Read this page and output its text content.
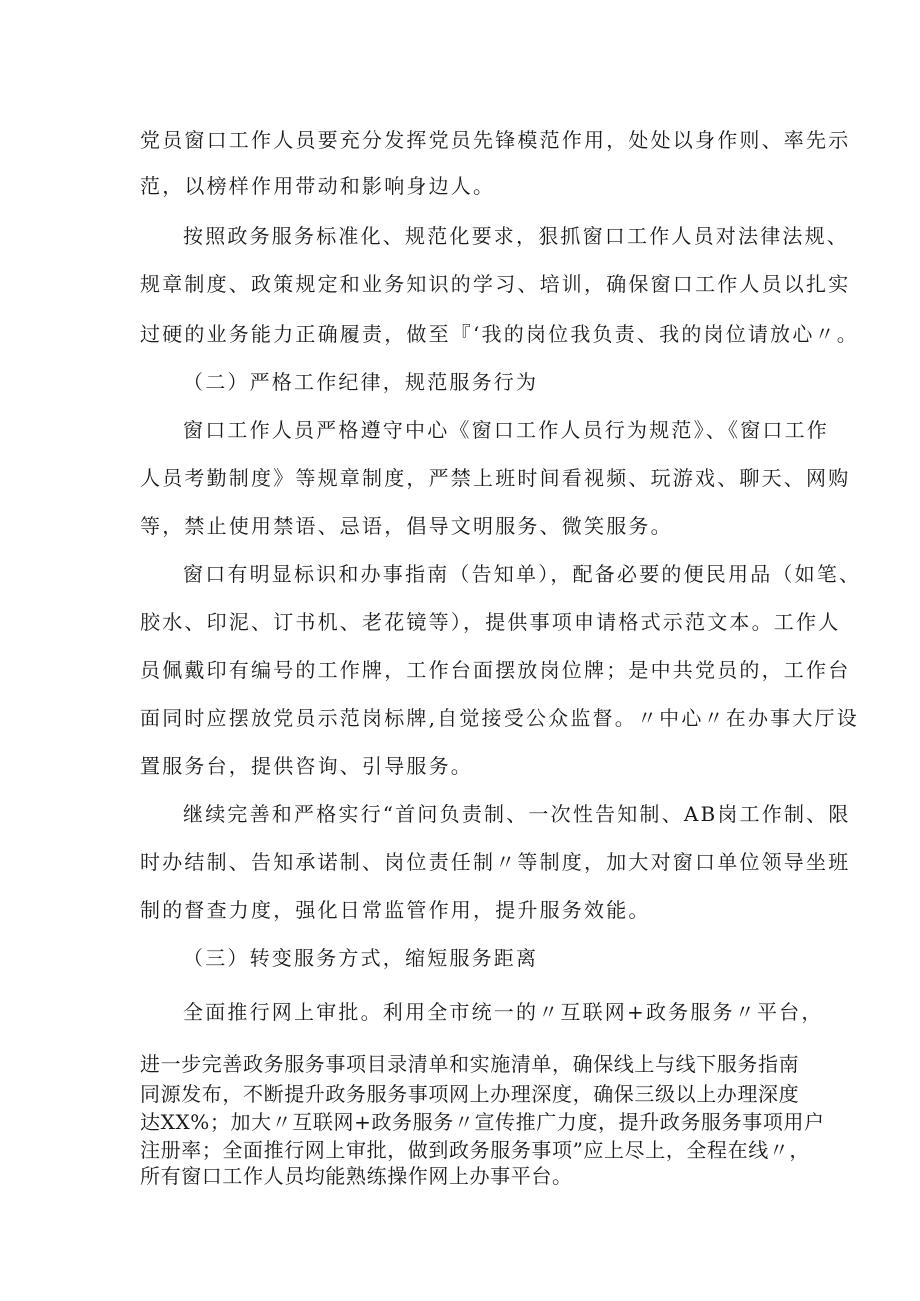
党员窗口工作人员要充分发挥党员先锋模范作用，处处以身作则、率先示
范，以榜样作用带动和影响身边人。
按照政务服务标准化、规范化要求，狠抓窗口工作人员对法律法规、
规章制度、政策规定和业务知识的学习、培训，确保窗口工作人员以扎实
过硬的业务能力正确履责，做至『‘我的岗位我负责、我的岗位请放心〃。
（二）严格工作纪律，规范服务行为
窗口工作人员严格遵守中心《窗口工作人员行为规范》、《窗口工作
人员考勤制度》等规章制度，严禁上班时间看视频、玩游戏、聊天、网购
等，禁止使用禁语、忌语，倡导文明服务、微笑服务。
窗口有明显标识和办事指南（告知单），配备必要的便民用品（如笔、
胶水、印泥、订书机、老花镜等），提供事项申请格式示范文本。工作人
员佩戴印有编号的工作牌，工作台面摆放岗位牌；是中共党员的，工作台
面同时应摆放党员示范岗标牌,自觉接受公众监督。〃中心〃在办事大厅设
置服务台，提供咨询、引导服务。
继续完善和严格实行“首问负责制、一次性告知制、AB岗工作制、限
时办结制、告知承诺制、岗位责任制〃等制度，加大对窗口单位领导坐班
制的督查力度，强化日常监管作用，提升服务效能。
（三）转变服务方式，缩短服务距离
全面推行网上审批。利用全市统一的〃互联网+政务服务〃平台，
进一步完善政务服务事项目录清单和实施清单，确保线上与线下服务指南
同源发布，不断提升政务服务事项网上办理深度，确保三级以上办理深度
达XX%；加大〃互联网+政务服务〃宣传推广力度，提升政务服务事项用户
注册率；全面推行网上审批，做到政务服务事项”应上尽上，全程在线〃，
所有窗口工作人员均能熟练操作网上办事平台。
